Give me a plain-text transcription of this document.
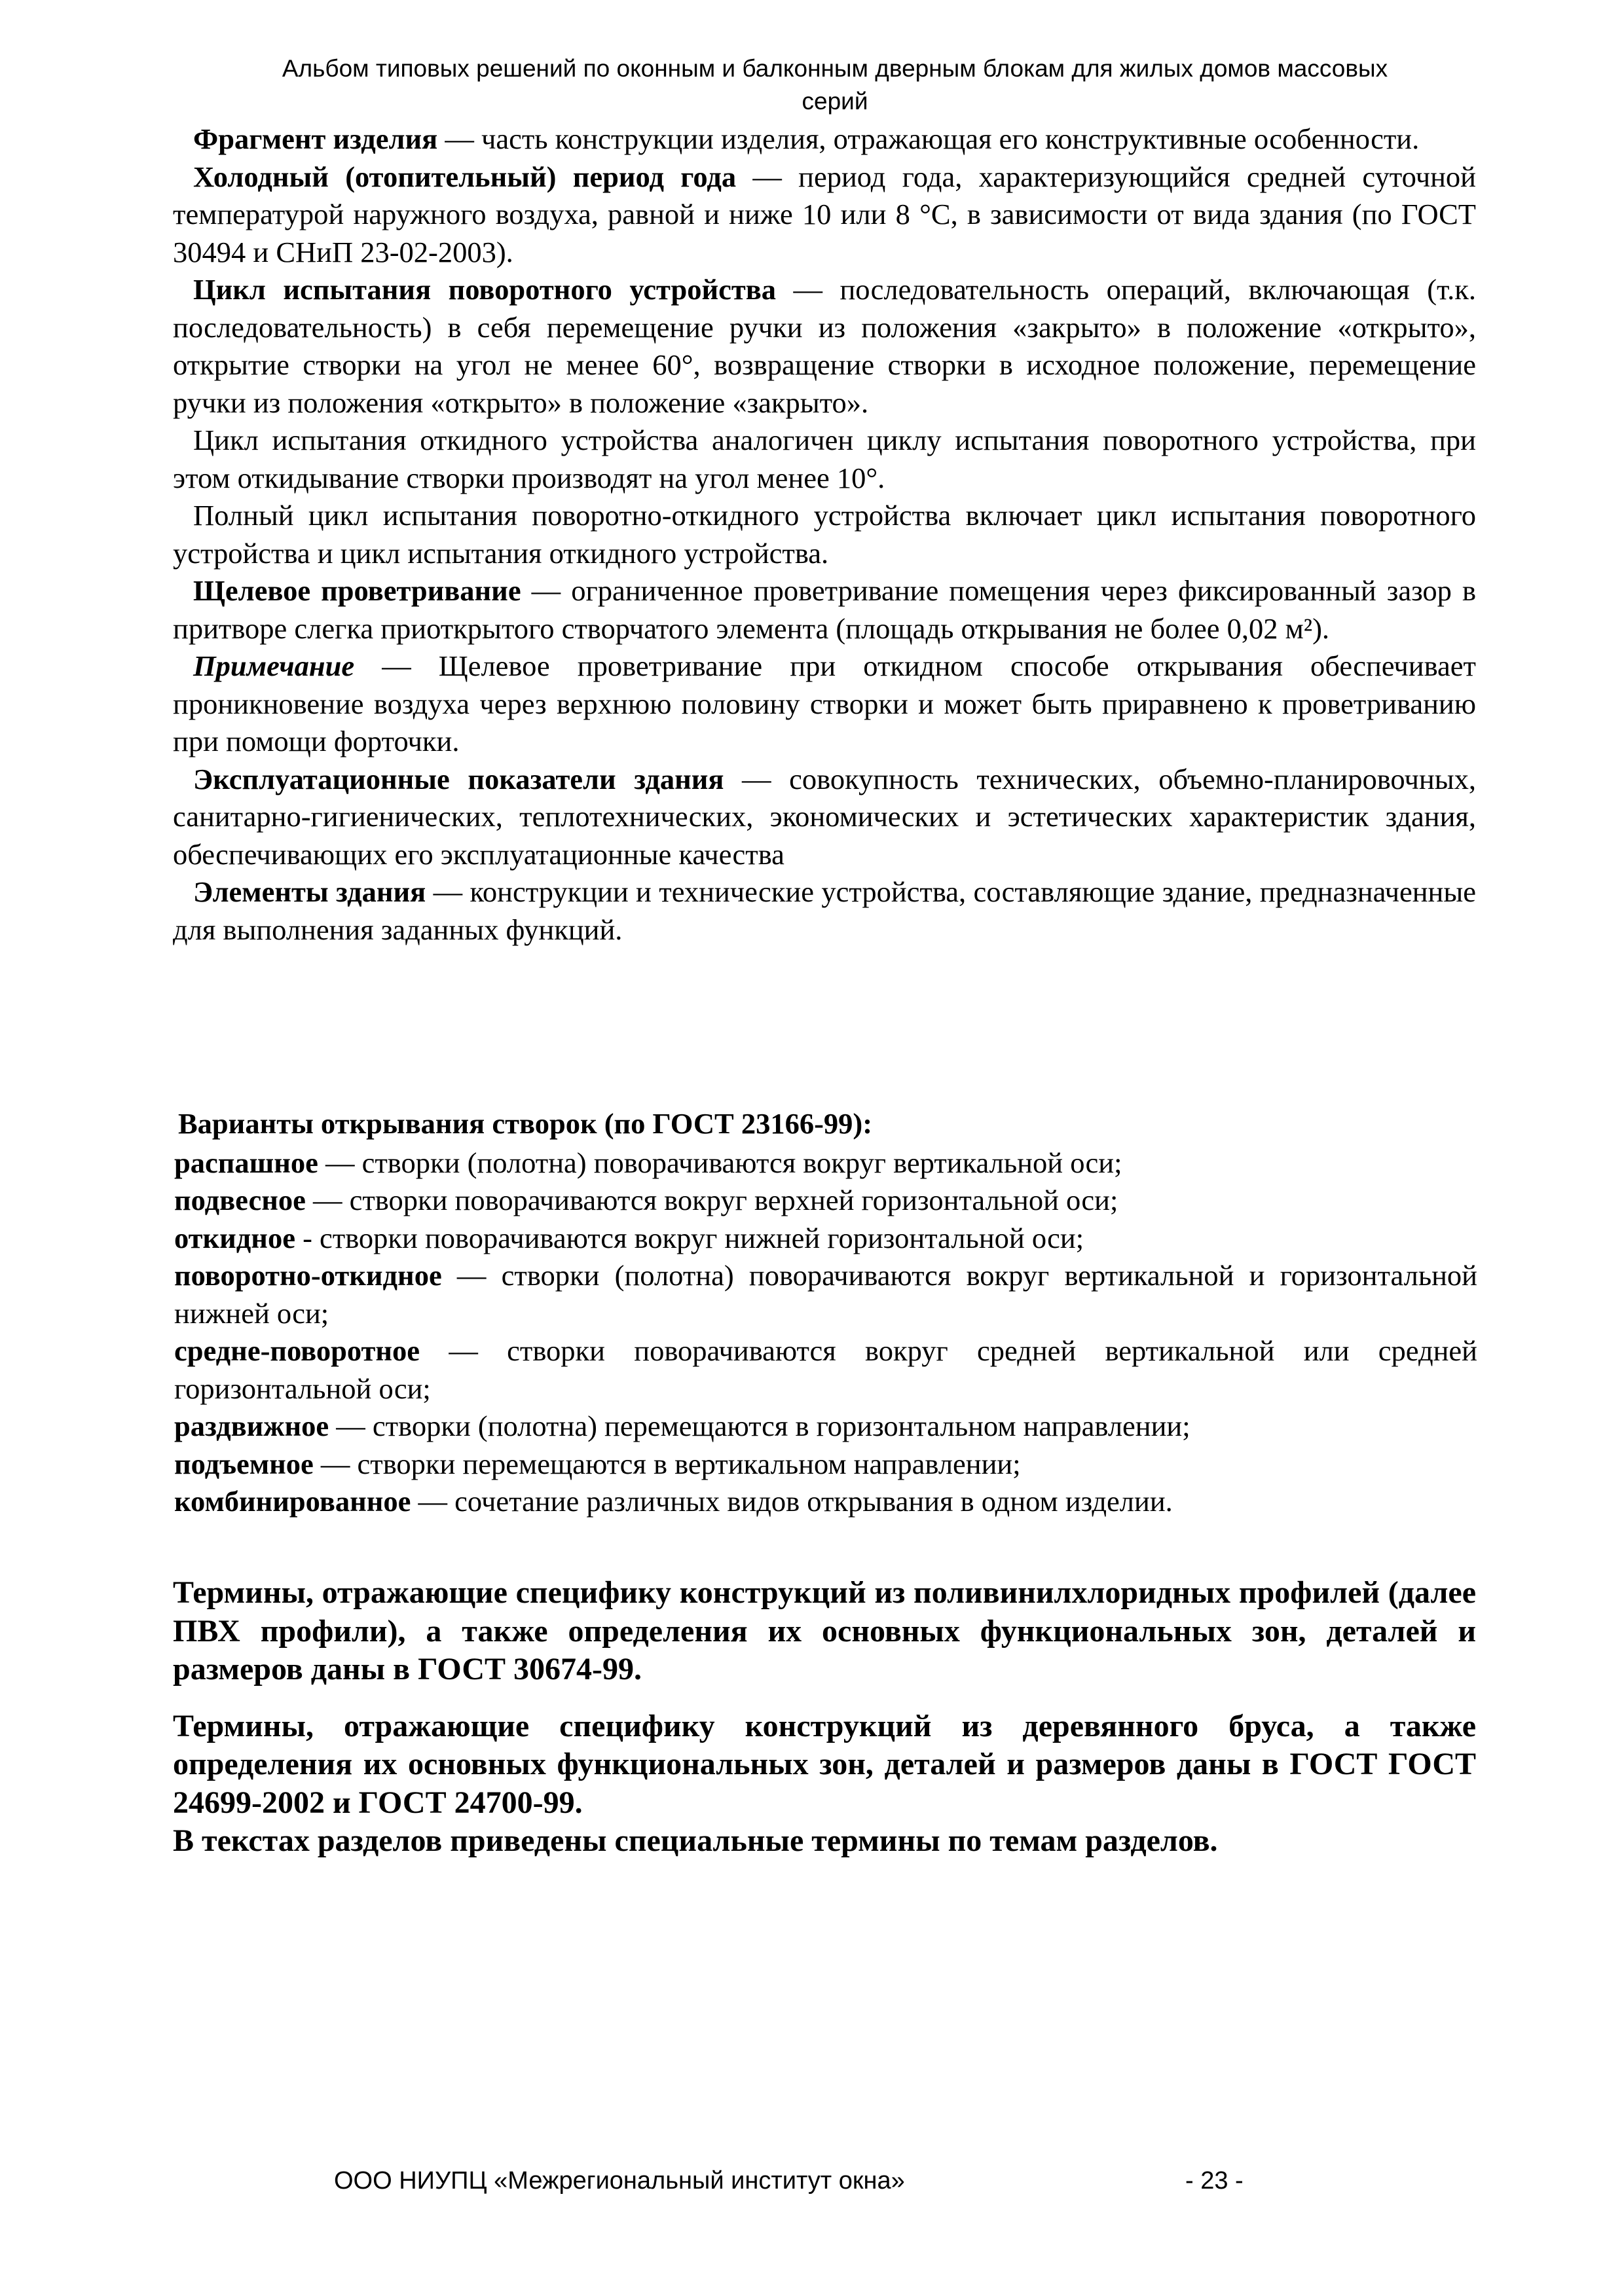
Альбом типовых решений по оконным и балконным дверным блокам для жилых домов массовых
серий

Фрагмент изделия — часть конструкции изделия, отражающая его конструктивные особенности.

Холодный (отопительный) период года — период года, характеризующийся средней суточной температурой наружного воздуха, равной и ниже 10 или 8 °С, в зависимости от вида здания (по ГОСТ 30494 и СНиП 23-02-2003).

Цикл испытания поворотного устройства — последовательность операций, включающая (т.к. последовательность) в себя перемещение ручки из положения «закрыто» в положение «открыто», открытие створки на угол не менее 60°, возвращение створки в исходное положение, перемещение ручки из положения «открыто» в положение «закрыто».

Цикл испытания откидного устройства аналогичен циклу испытания поворотного устройства, при этом откидывание створки производят на угол менее 10°.

Полный цикл испытания поворотно-откидного устройства включает цикл испытания поворотного устройства и цикл испытания откидного устройства.

Щелевое проветривание — ограниченное проветривание помещения через фиксированный зазор в притворе слегка приоткрытого створчатого элемента (площадь открывания не более 0,02 м²).

Примечание — Щелевое проветривание при откидном способе открывания обеспечивает проникновение воздуха через верхнюю половину створки и может быть приравнено к проветриванию при помощи форточки.

Эксплуатационные показатели здания — совокупность технических, объемно-планировочных, санитарно-гигиенических, теплотехнических, экономических и эстетических характеристик здания, обеспечивающих его эксплуатационные качества

Элементы здания — конструкции и технические устройства, составляющие здание, предназначенные для выполнения заданных функций.

Варианты открывания створок (по ГОСТ 23166-99):

распашное — створки (полотна) поворачиваются вокруг вертикальной оси;

подвесное — створки поворачиваются вокруг верхней горизонтальной оси;

откидное - створки поворачиваются вокруг нижней горизонтальной оси;

поворотно-откидное — створки (полотна) поворачиваются вокруг вертикальной и горизонтальной нижней оси;

средне-поворотное — створки поворачиваются вокруг средней вертикальной или средней горизонтальной оси;

раздвижное — створки (полотна) перемещаются в горизонтальном направлении;

подъемное — створки перемещаются в вертикальном направлении;

комбинированное — сочетание различных видов открывания в одном изделии.

Термины, отражающие специфику конструкций из поливинилхлоридных профилей (далее ПВХ профили), а также определения их основных функциональных зон, деталей и размеров даны в ГОСТ 30674-99.

Термины, отражающие специфику конструкций из деревянного бруса, а также определения их основных функциональных зон, деталей и размеров даны в ГОСТ ГОСТ 24699-2002 и ГОСТ 24700-99.

В текстах разделов приведены специальные термины по темам разделов.

ООО НИУПЦ «Межрегиональный институт окна»	- 23 -
